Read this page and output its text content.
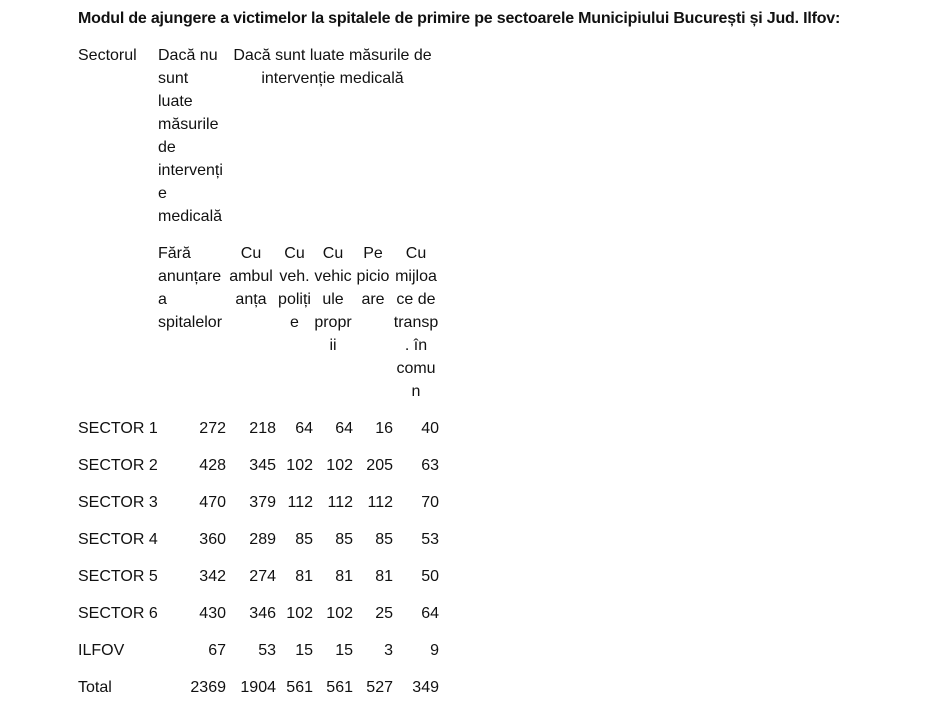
Modul de ajungere a victimelor la spitalele de primire pe sectoarele Municipiului București și Jud. Ilfov:
Sectorul	Dacă nu sunt luate măsurile de intervenți e medicală	Dacă sunt luate măsurile de intervenție medicală					
	Fără anunțare a spitalelor	Cu ambul anța	Cu veh. poliți e	Cu vehic ule propr ii	Pe picio are	Cu mijloa ce de transp . în comu n	
SECTOR 1	272	218	64	64	16	40	
SECTOR 2	428	345	102	102	205	63	
SECTOR 3	470	379	112	112	112	70	
SECTOR 4	360	289	85	85	85	53	
SECTOR 5	342	274	81	81	81	50	
SECTOR 6	430	346	102	102	25	64	
ILFOV	67	53	15	15	3	9	
Total	2369	1904	561	561	527	349	
